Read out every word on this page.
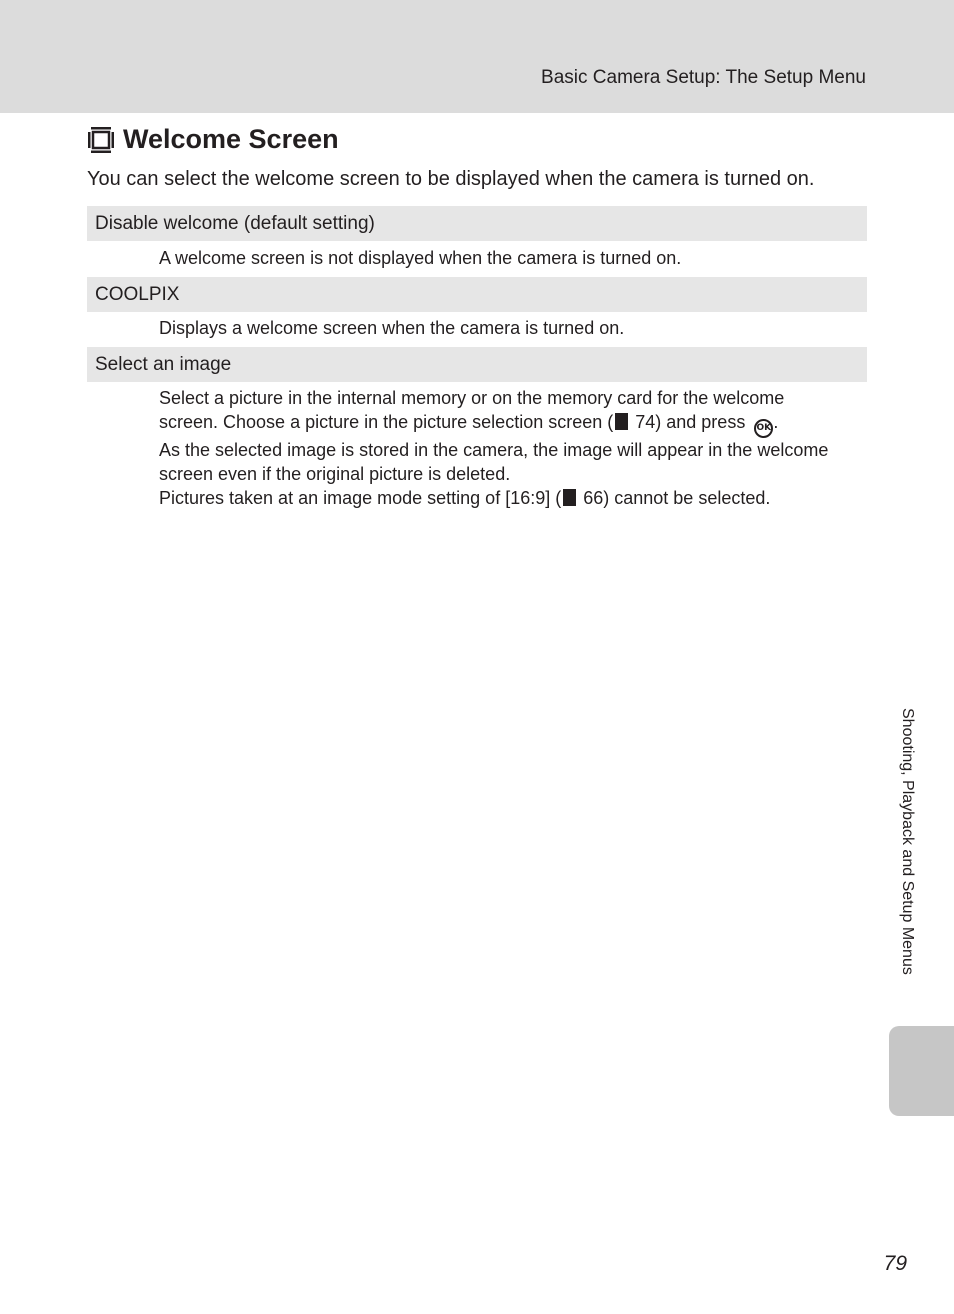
Basic Camera Setup: The Setup Menu
Welcome Screen
You can select the welcome screen to be displayed when the camera is turned on.
Disable welcome (default setting)
A welcome screen is not displayed when the camera is turned on.
COOLPIX
Displays a welcome screen when the camera is turned on.
Select an image
Select a picture in the internal memory or on the memory card for the welcome
screen. Choose a picture in the picture selection screen ( 74) and press OK .
As the selected image is stored in the camera, the image will appear in the welcome
screen even if the original picture is deleted.
Pictures taken at an image mode setting of [16:9] ( 66) cannot be selected.
Shooting, Playback and Setup Menus
79
